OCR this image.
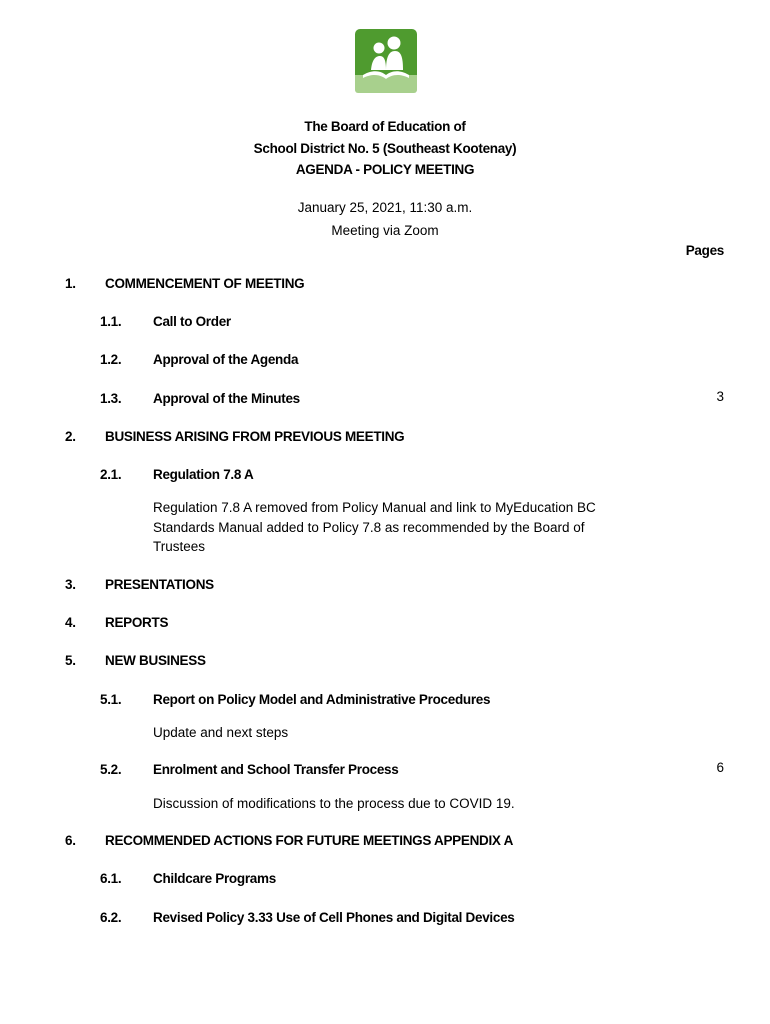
The Board of Education of
School District No. 5 (Southeast Kootenay)
AGENDA - POLICY MEETING
January 25, 2021, 11:30 a.m.
Meeting via Zoom
Pages
1. COMMENCEMENT OF MEETING
1.1. Call to Order
1.2. Approval of the Agenda
1.3. Approval of the Minutes	3
2. BUSINESS ARISING FROM PREVIOUS MEETING
2.1. Regulation 7.8 A
Regulation 7.8 A removed from Policy Manual and link to MyEducation BC
Standards Manual added to Policy 7.8 as recommended by the Board of
Trustees
3. PRESENTATIONS
4. REPORTS
5. NEW BUSINESS
5.1. Report on Policy Model and Administrative Procedures
Update and next steps
5.2. Enrolment and School Transfer Process	6
Discussion of modifications to the process due to COVID 19.
6. RECOMMENDED ACTIONS FOR FUTURE MEETINGS APPENDIX A
6.1. Childcare Programs
6.2. Revised Policy 3.33 Use of Cell Phones and Digital Devices
